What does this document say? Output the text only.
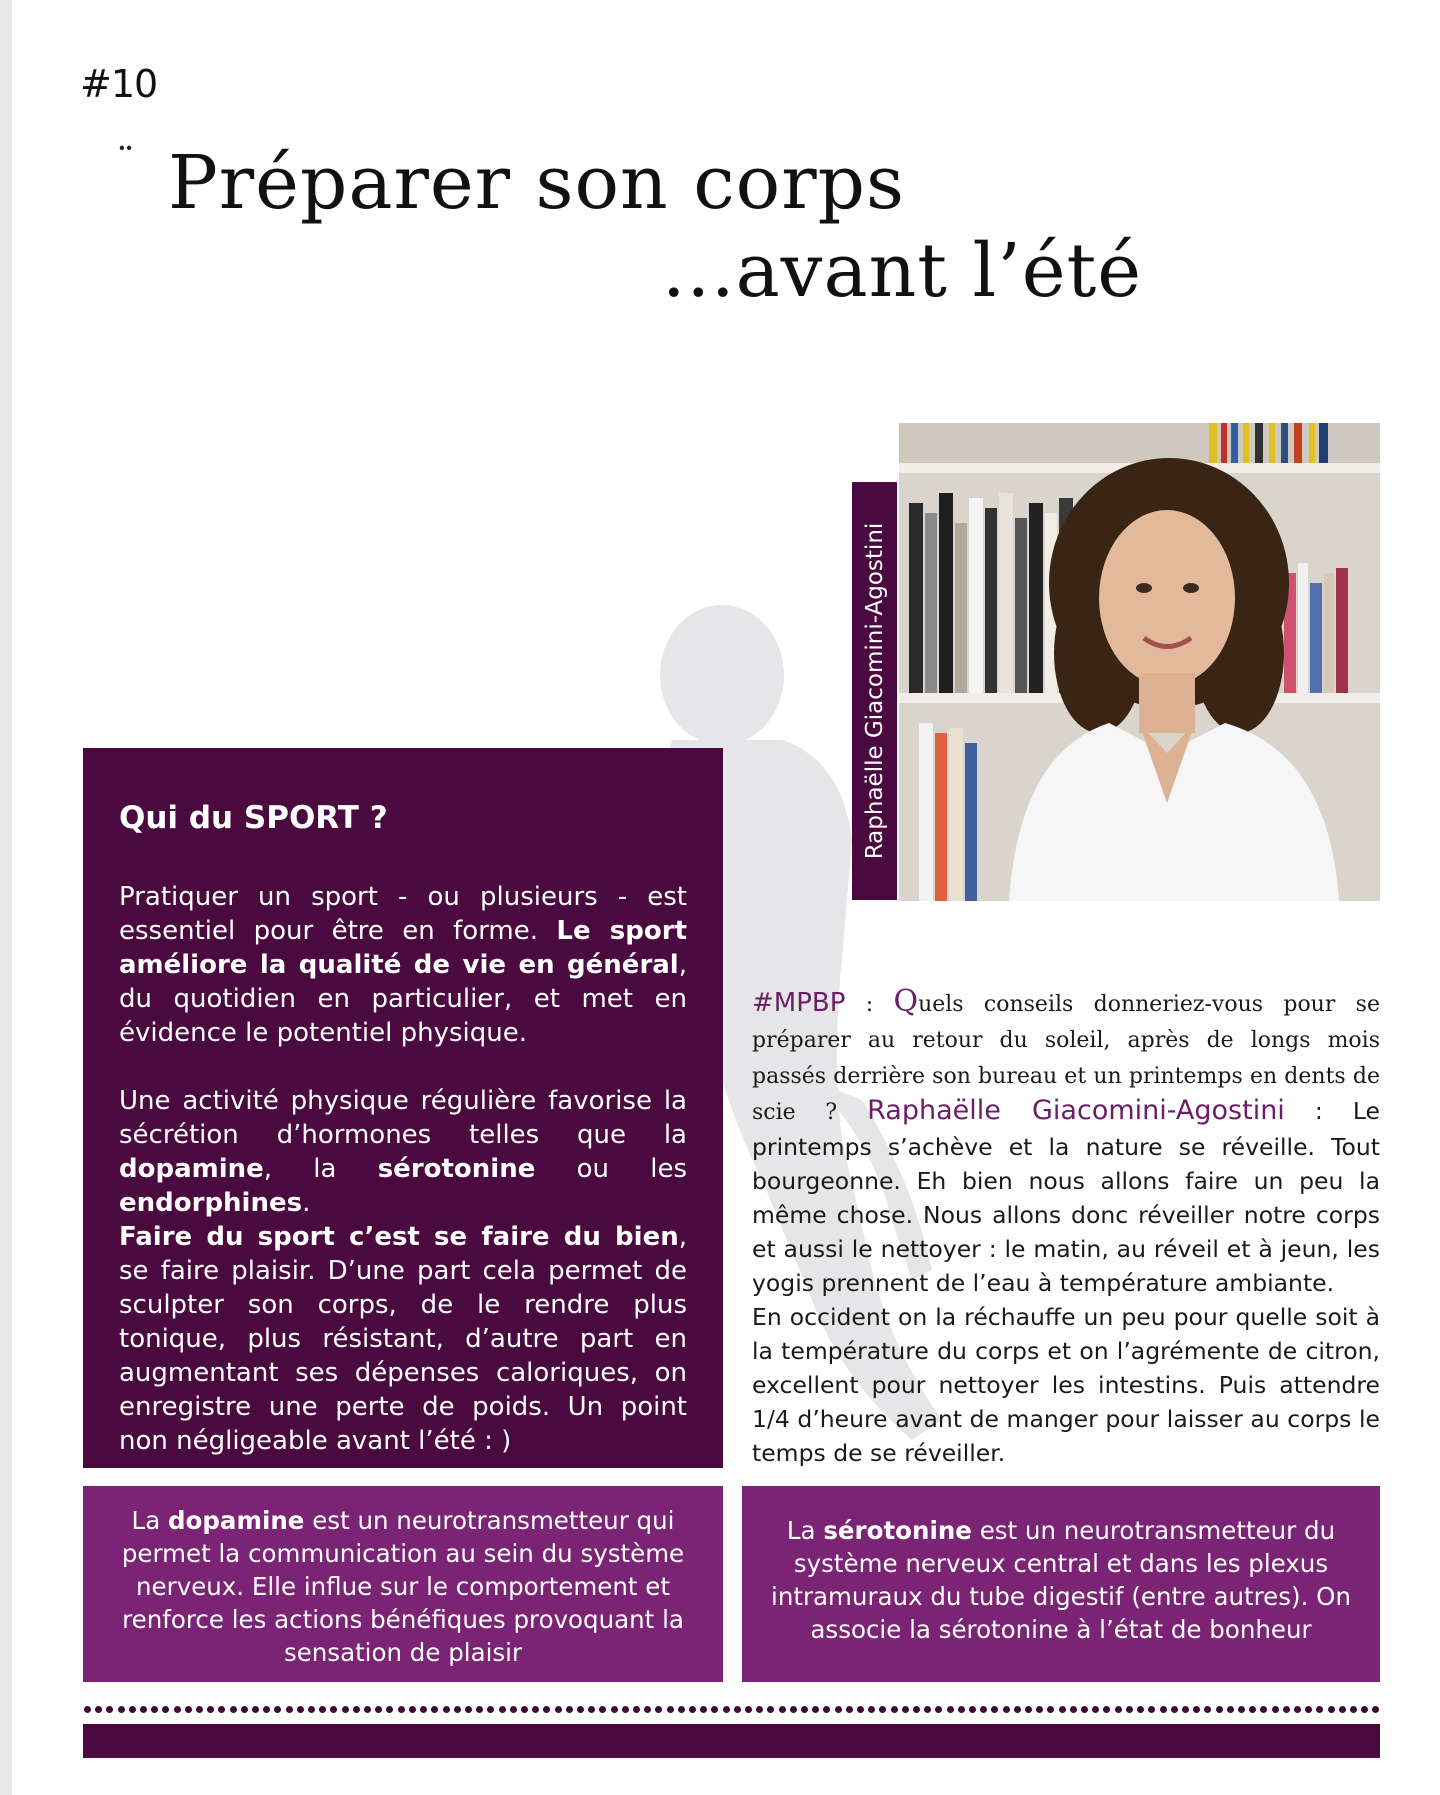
#10
¨ Préparer son corps
...avant l’été
Raphaëlle Giacomini-Agostini
Qui du SPORT ?

Pratiquer un sport - ou plusieurs - est essentiel pour être en forme. Le sport améliore la qualité de vie en général, du quotidien en particulier, et met en évidence le potentiel physique.

Une activité physique régulière favorise la sécrétion d’hormones telles que la dopamine, la sérotonine ou les endorphines.

Faire du sport c’est se faire du bien, se faire plaisir. D’une part cela permet de sculpter son corps, de le rendre plus tonique, plus résistant, d’autre part en augmentant ses dépenses caloriques, on enregistre une perte de poids. Un point non négligeable avant l’été : )

#MPBP : Quels conseils donneriez-vous pour se préparer au retour du soleil, après de longs mois passés derrière son bureau et un printemps en dents de scie ? Raphaëlle Giacomini-Agostini : Le printemps s’achève et la nature se réveille. Tout bourgeonne. Eh bien nous allons faire un peu la même chose. Nous allons donc réveiller notre corps et aussi le nettoyer : le matin, au réveil et à jeun, les yogis prennent de l’eau à température ambiante.
En occident on la réchauffe un peu pour quelle soit à la température du corps et on l’agrémente de citron, excellent pour nettoyer les intestins. Puis attendre 1/4 d’heure avant de manger pour laisser au corps le temps de se réveiller.
La dopamine est un neurotransmetteur qui permet la communication au sein du système nerveux. Elle influe sur le comportement et renforce les actions bénéfiques provoquant la sensation de plaisir
La sérotonine est un neurotransmetteur du système nerveux central et dans les plexus intramuraux du tube digestif (entre autres). On associe la sérotonine à l’état de bonheur
